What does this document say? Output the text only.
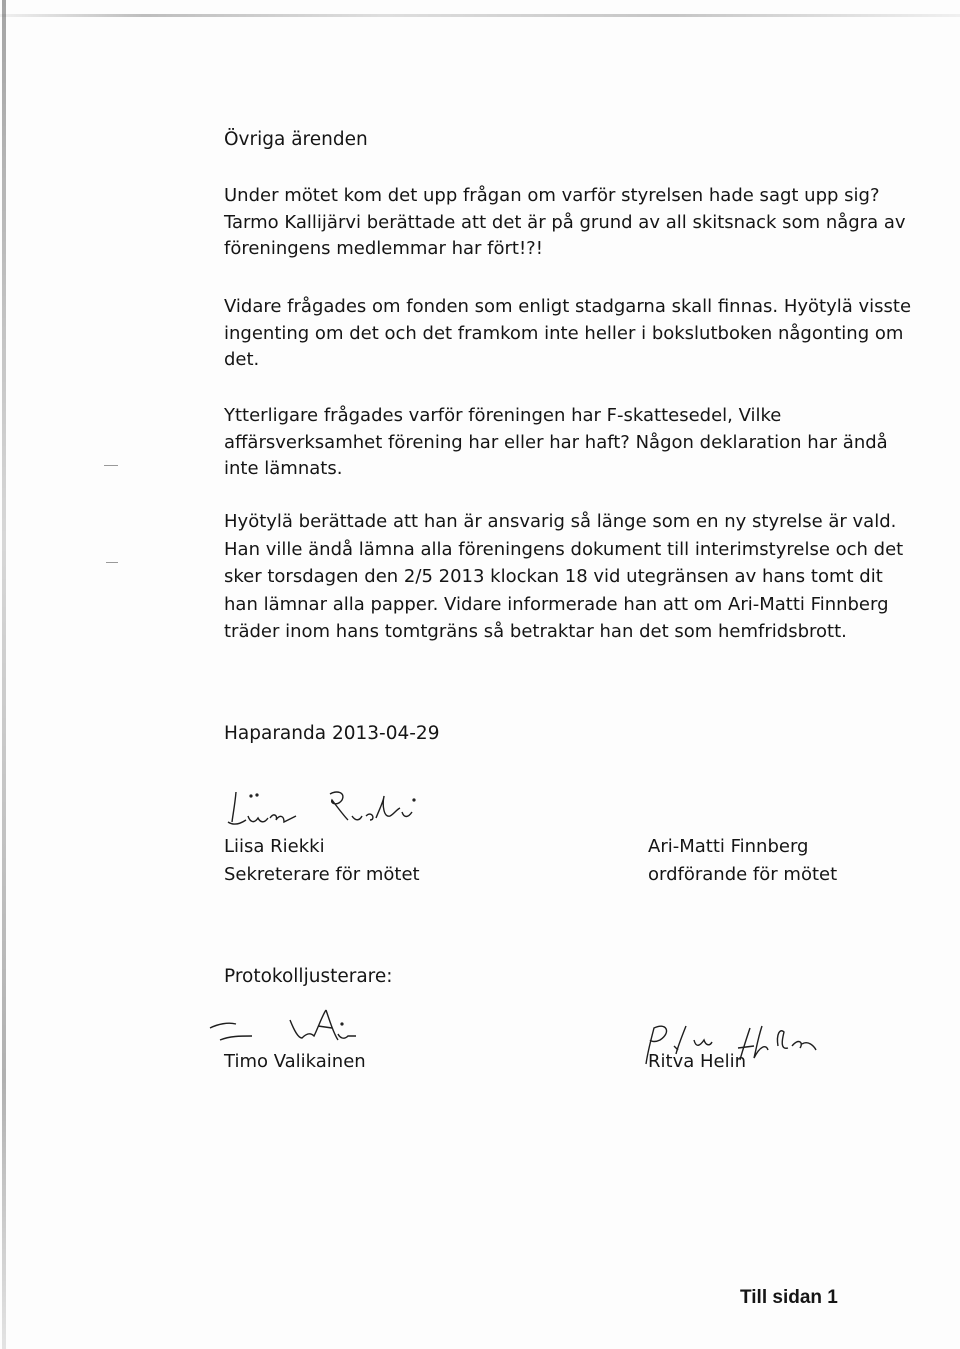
Övriga ärenden

Under mötet kom det upp frågan om varför styrelsen hade sagt upp sig?
Tarmo Kallijärvi berättade att det är på grund av all skitsnack som några av
föreningens medlemmar har fört!?!

Vidare frågades om fonden som enligt stadgarna skall finnas. Hyötylä visste
ingenting om det och det framkom inte heller i bokslutboken någonting om
det.

Ytterligare frågades varför föreningen har F-skattesedel, Vilke
affärsverksamhet förening har eller har haft? Någon deklaration har ändå
inte lämnats.

Hyötylä berättade att han är ansvarig så länge som en ny styrelse är vald.
Han ville ändå lämna alla föreningens dokument till interimstyrelse och det
sker torsdagen den 2/5 2013 klockan 18 vid utegränsen av hans tomt dit
han lämnar alla papper. Vidare informerade han att om Ari-Matti Finnberg
träder inom hans tomtgräns så betraktar han det som hemfridsbrott.

Haparanda 2013-04-29

Liisa Riekki
Sekreterare för mötet
Ari-Matti Finnberg
ordförande för mötet
Protokolljusterare:

Timo Valikainen	Ritva Helin

Till sidan 1
